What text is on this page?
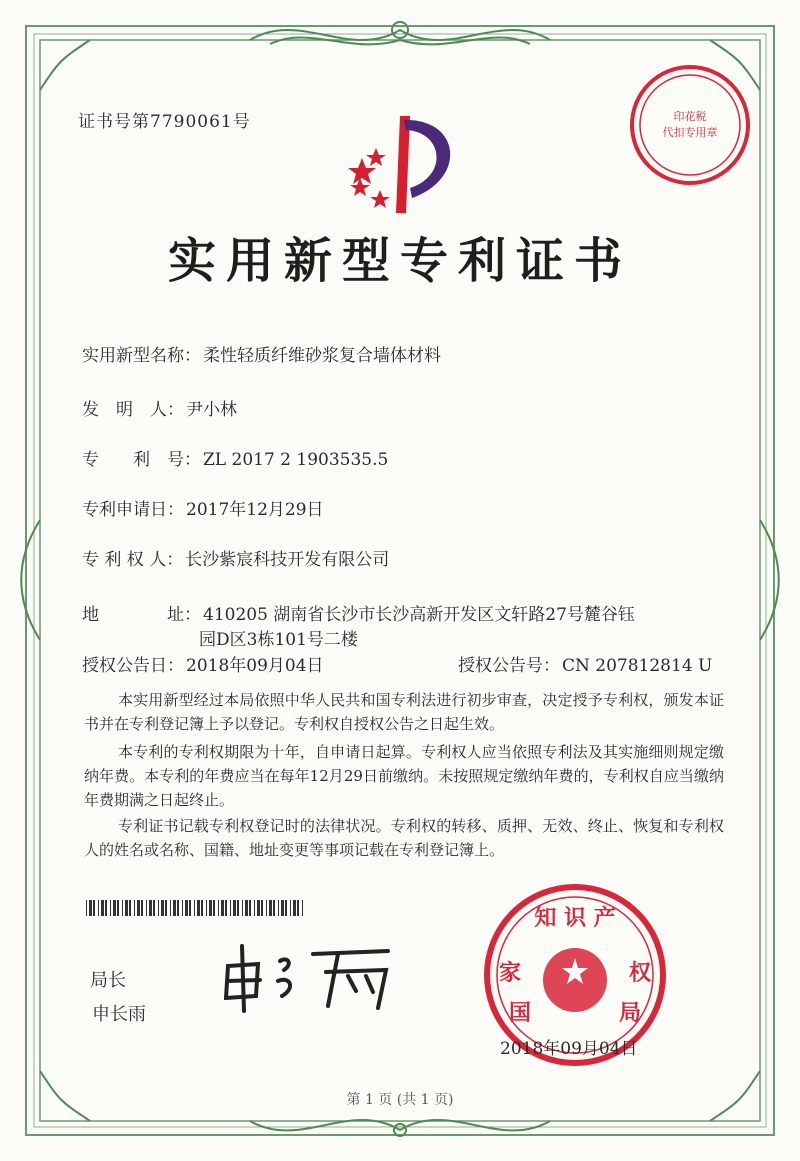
证书号第7790061号
实用新型专利证书
实用新型名称： 柔性轻质纤维砂浆复合墙体材料
发　明　人： 尹小林
专　　利　号： ZL 2017 2 1903535.5
专利申请日： 2017年12月29日
专 利 权 人： 长沙紫宸科技开发有限公司
地　　　　址： 410205 湖南省长沙市长沙高新开发区文轩路27号麓谷钰
园D区3栋101号二楼
授权公告日： 2018年09月04日	授权公告号： CN 207812814 U
本实用新型经过本局依照中华人民共和国专利法进行初步审查，决定授予专利权，颁发本证书并在专利登记簿上予以登记。专利权自授权公告之日起生效。
本专利的专利权期限为十年，自申请日起算。专利权人应当依照专利法及其实施细则规定缴纳年费。本专利的年费应当在每年12月29日前缴纳。未按照规定缴纳年费的，专利权自应当缴纳年费期满之日起终止。
专利证书记载专利权登记时的法律状况。专利权的转移、质押、无效、终止、恢复和专利权人的姓名或名称、国籍、地址变更等事项记载在专利登记簿上。
局长
申长雨
印花税
代扣专用章
知 识 产
家	权
国	局
2018年09月04日
第 1 页 (共 1 页)
